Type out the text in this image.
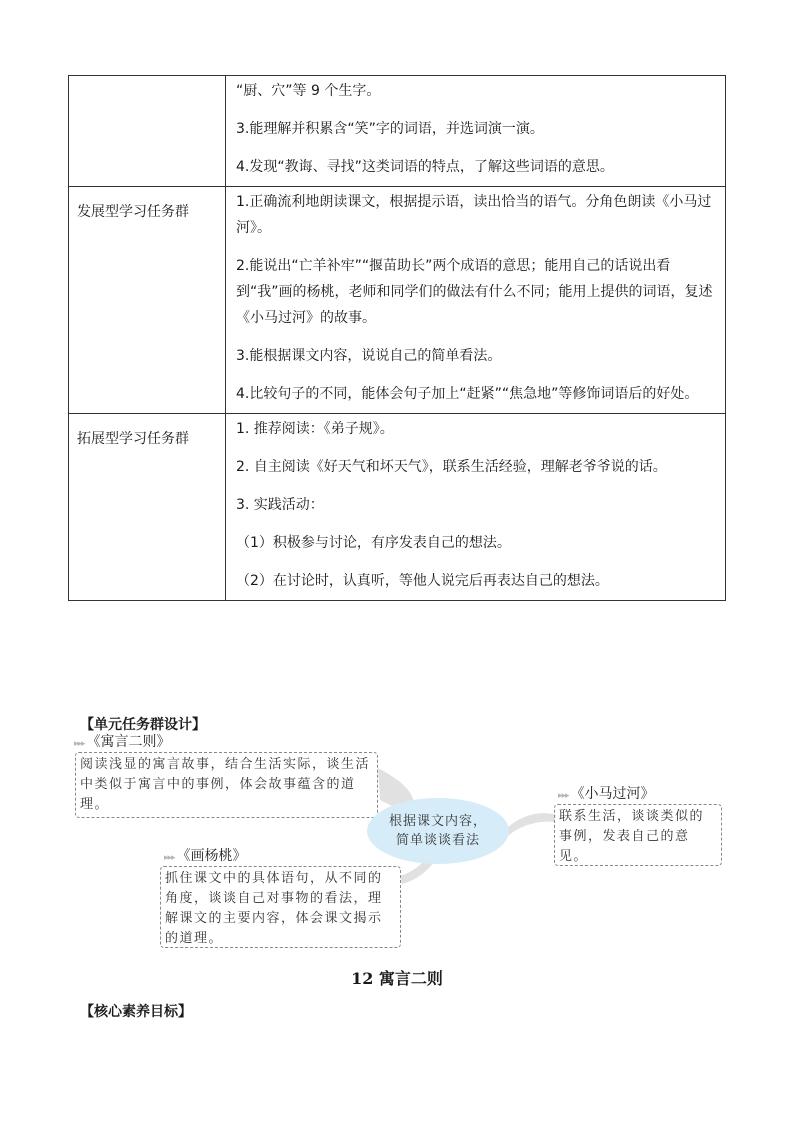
	“厨、穴”等 9 个生字。

3.能理解并积累含“笑”字的词语，并选词演一演。

4.发现“教诲、寻找”这类词语的特点，了解这些词语的意思。

发展型学习任务群	1.正确流利地朗读课文，根据提示语，读出恰当的语气。分角色朗读《小马过河》。

2.能说出“亡羊补牢”“揠苗助长”两个成语的意思；能用自己的话说出看到“我”画的杨桃，老师和同学们的做法有什么不同；能用上提供的词语，复述《小马过河》的故事。

3.能根据课文内容，说说自己的简单看法。

4.比较句子的不同，能体会句子加上“赶紧”“焦急地”等修饰词语后的好处。

拓展型学习任务群	1. 推荐阅读：《弟子规》。

2. 自主阅读《好天气和坏天气》，联系生活经验，理解老爷爷说的话。

3. 实践活动：

（1）积极参与讨论，有序发表自己的想法。

（2）在讨论时，认真听，等他人说完后再表达自己的想法。

【单元任务群设计】
▸▸▸ 《寓言二则》
阅读浅显的寓言故事，结合生活实际，谈生活中类似于寓言中的事例，体会故事蕴含的道理。
▸▸▸ 《小马过河》
联系生活，谈谈类似的事例，发表自己的意见。
▸▸▸ 《画杨桃》
抓住课文中的具体语句，从不同的角度，谈谈自己对事物的看法，理解课文的主要内容，体会课文揭示的道理。
根据课文内容，
简单谈谈看法
12 寓言二则
【核心素养目标】
